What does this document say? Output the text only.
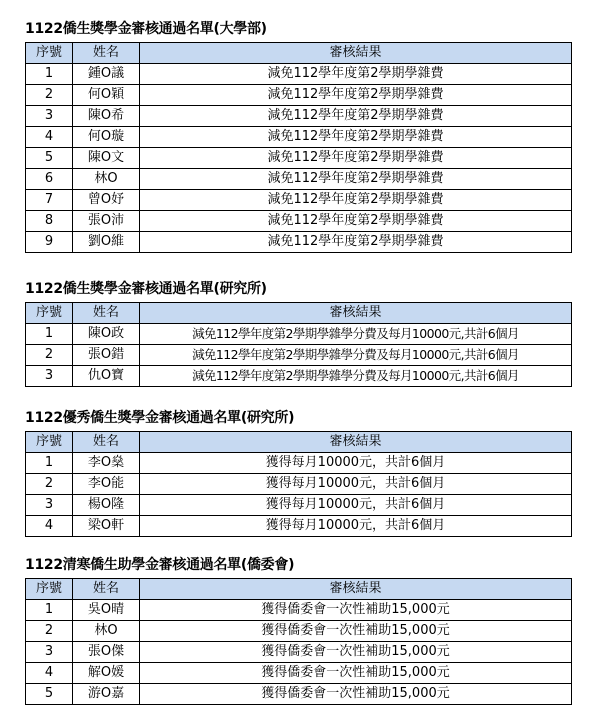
1122僑生獎學金審核通過名單(大學部)
序號	姓名	審核結果
1	鍾O議	減免112學年度第2學期學雜費
2	何O穎	減免112學年度第2學期學雜費
3	陳O希	減免112學年度第2學期學雜費
4	何O璇	減免112學年度第2學期學雜費
5	陳O文	減免112學年度第2學期學雜費
6	林O	減免112學年度第2學期學雜費
7	曾O妤	減免112學年度第2學期學雜費
8	張O沛	減免112學年度第2學期學雜費
9	劉O維	減免112學年度第2學期學雜費
1122僑生獎學金審核通過名單(研究所)
序號	姓名	審核結果
1	陳O政	減免112學年度第2學期學雜學分費及每月10000元,共計6個月
2	張O錯	減免112學年度第2學期學雜學分費及每月10000元,共計6個月
3	仇O寶	減免112學年度第2學期學雜學分費及每月10000元,共計6個月
1122優秀僑生獎學金審核通過名單(研究所)
序號	姓名	審核結果
1	李O燊	獲得每月10000元，共計6個月
2	李O能	獲得每月10000元，共計6個月
3	楊O隆	獲得每月10000元，共計6個月
4	梁O軒	獲得每月10000元，共計6個月
1122清寒僑生助學金審核通過名單(僑委會)
序號	姓名	審核結果
1	吳O晴	獲得僑委會一次性補助15,000元
2	林O	獲得僑委會一次性補助15,000元
3	張O傑	獲得僑委會一次性補助15,000元
4	解O媛	獲得僑委會一次性補助15,000元
5	游O嘉	獲得僑委會一次性補助15,000元
